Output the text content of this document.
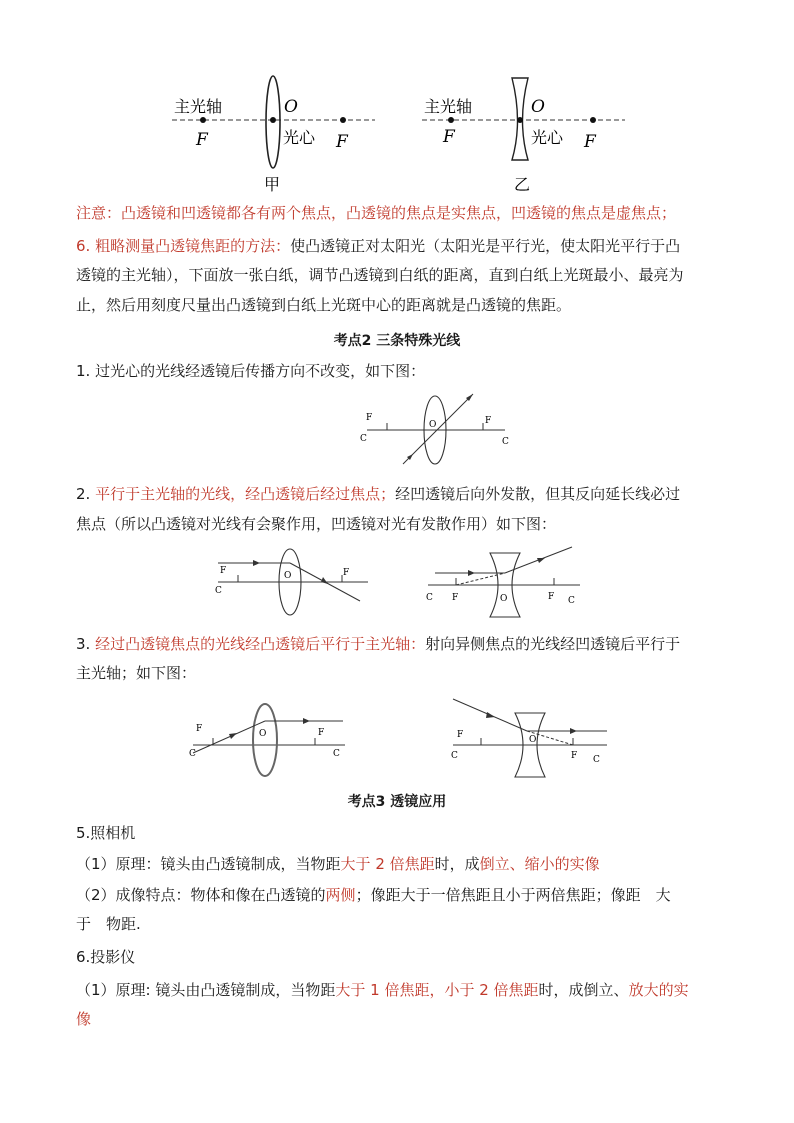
主光轴	O
F	光心 F
甲
主光轴	O
F	光心 F
乙
注意：凸透镜和凹透镜都各有两个焦点，凸透镜的焦点是实焦点，凹透镜的焦点是虚焦点；
6. 粗略测量凸透镜焦距的方法：使凸透镜正对太阳光（太阳光是平行光，使太阳光平行于凸
透镜的主光轴），下面放一张白纸，调节凸透镜到白纸的距离，直到白纸上光斑最小、最亮为
止，然后用刻度尺量出凸透镜到白纸上光斑中心的距离就是凸透镜的焦距。
考点2 三条特殊光线
1. 过光心的光线经透镜后传播方向不改变，如下图：
F	F
C	C
O
2. 平行于主光轴的光线，经凸透镜后经过焦点；经凹透镜后向外发散，但其反向延长线必过
焦点（所以凸透镜对光线有会聚作用，凹透镜对光有发散作用）如下图：
F	F
C
O
C F	O	F C
3. 经过凸透镜焦点的光线经凸透镜后平行于主光轴：射向异侧焦点的光线经凹透镜后平行于
主光轴；如下图：
F	F
C	C
O	F
F
C	C
O
考点3 透镜应用
5.照相机
（1）原理：镜头由凸透镜制成，当物距大于 2 倍焦距时，成倒立、缩小的实像
（2）成像特点：物体和像在凸透镜的两侧；像距大于一倍焦距且小于两倍焦距；像距　大
于　物距.
6.投影仪
（1）原理: 镜头由凸透镜制成，当物距大于 1 倍焦距，小于 2 倍焦距时，成倒立、放大的实
像
